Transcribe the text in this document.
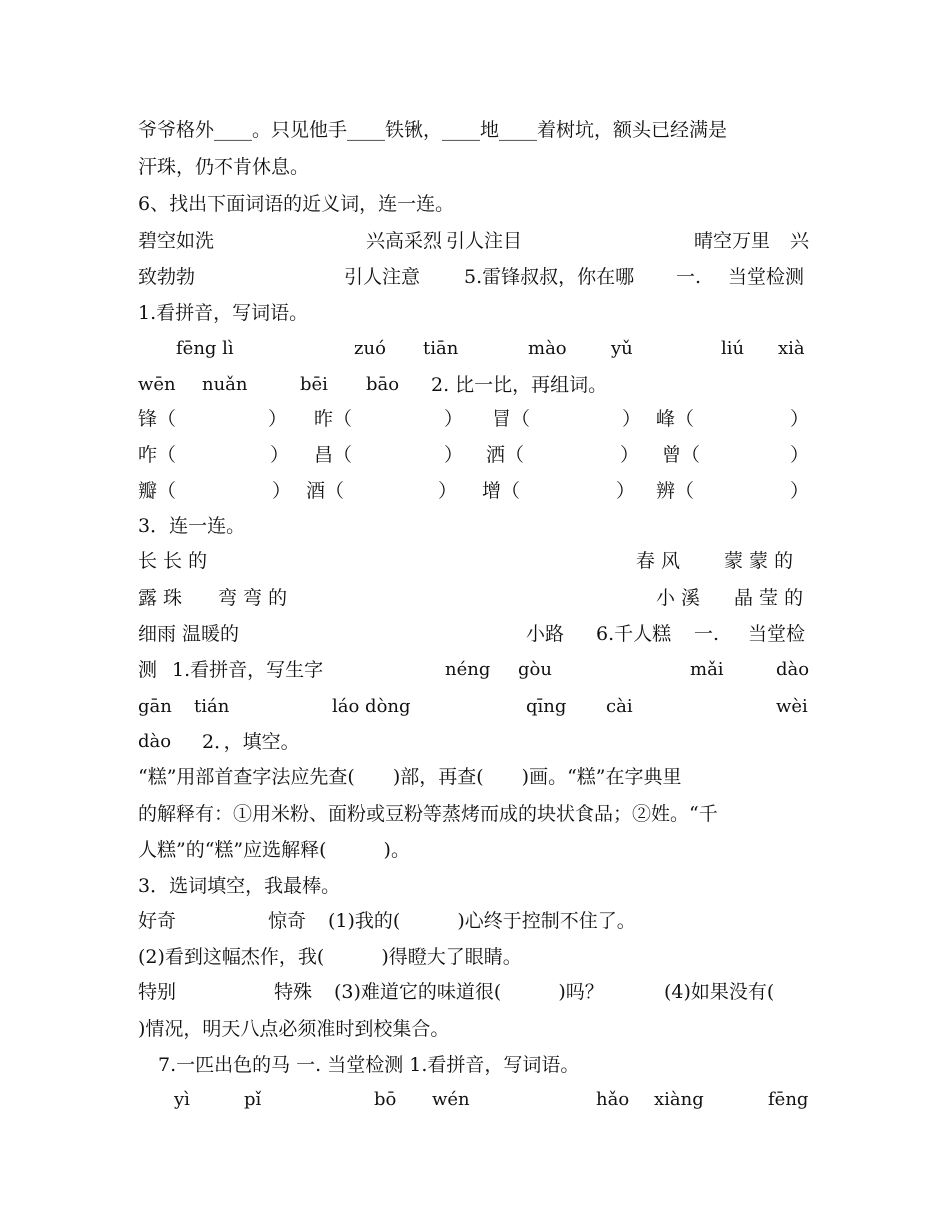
爷爷格外____。只见他手____铁锹，____地____着树坑，额头已经满是
汗珠，仍不肯休息。
6、找出下面词语的近义词，连一连。
碧空如洗	兴高采烈 引人注目	晴空万里 兴
致勃勃	引人注意 5.雷锋叔叔，你在哪 一. 当堂检测
1.看拼音，写词语。
fēng lì	zuó tiān	mào yǔ	liú xià
wēn nuǎn	bēi bāo 2. 比一比，再组词。
锋（	） 昨（	） 冒（	） 峰（	）
咋（	） 昌（	） 洒（	） 曾（	）
瓣（	） 酒（	） 增（	） 辨（	）
3．连一连。
长 长 的	春 风 蒙 蒙 的
露 珠 弯 弯 的	小 溪 晶 莹 的
细雨 温暖的	小路 6.千人糕 一. 当堂检
测 1.看拼音，写生字	néng gòu	mǎi	dào
gān tián	láo dòng	qīng cài	wèi
dào 2．，填空。
“糕”用部首查字法应先查(　　)部，再查(　　)画。“糕”在字典里
的解释有：①用米粉、面粉或豆粉等蒸烤而成的块状食品；②姓。“千
人糕”的“糕”应选解释(　　　)。
3．选词填空，我最棒。
好奇	惊奇 (1)我的(　　　)心终于控制不住了。
(2)看到这幅杰作，我(　　　)得瞪大了眼睛。
特别	特殊 (3)难道它的味道很(　　　)吗？	(4)如果没有(
)情况，明天八点必须准时到校集合。
7.一匹出色的马 一. 当堂检测 1.看拼音，写词语。
yì	pǐ	bō wén	hǎo xiàng	fēng
